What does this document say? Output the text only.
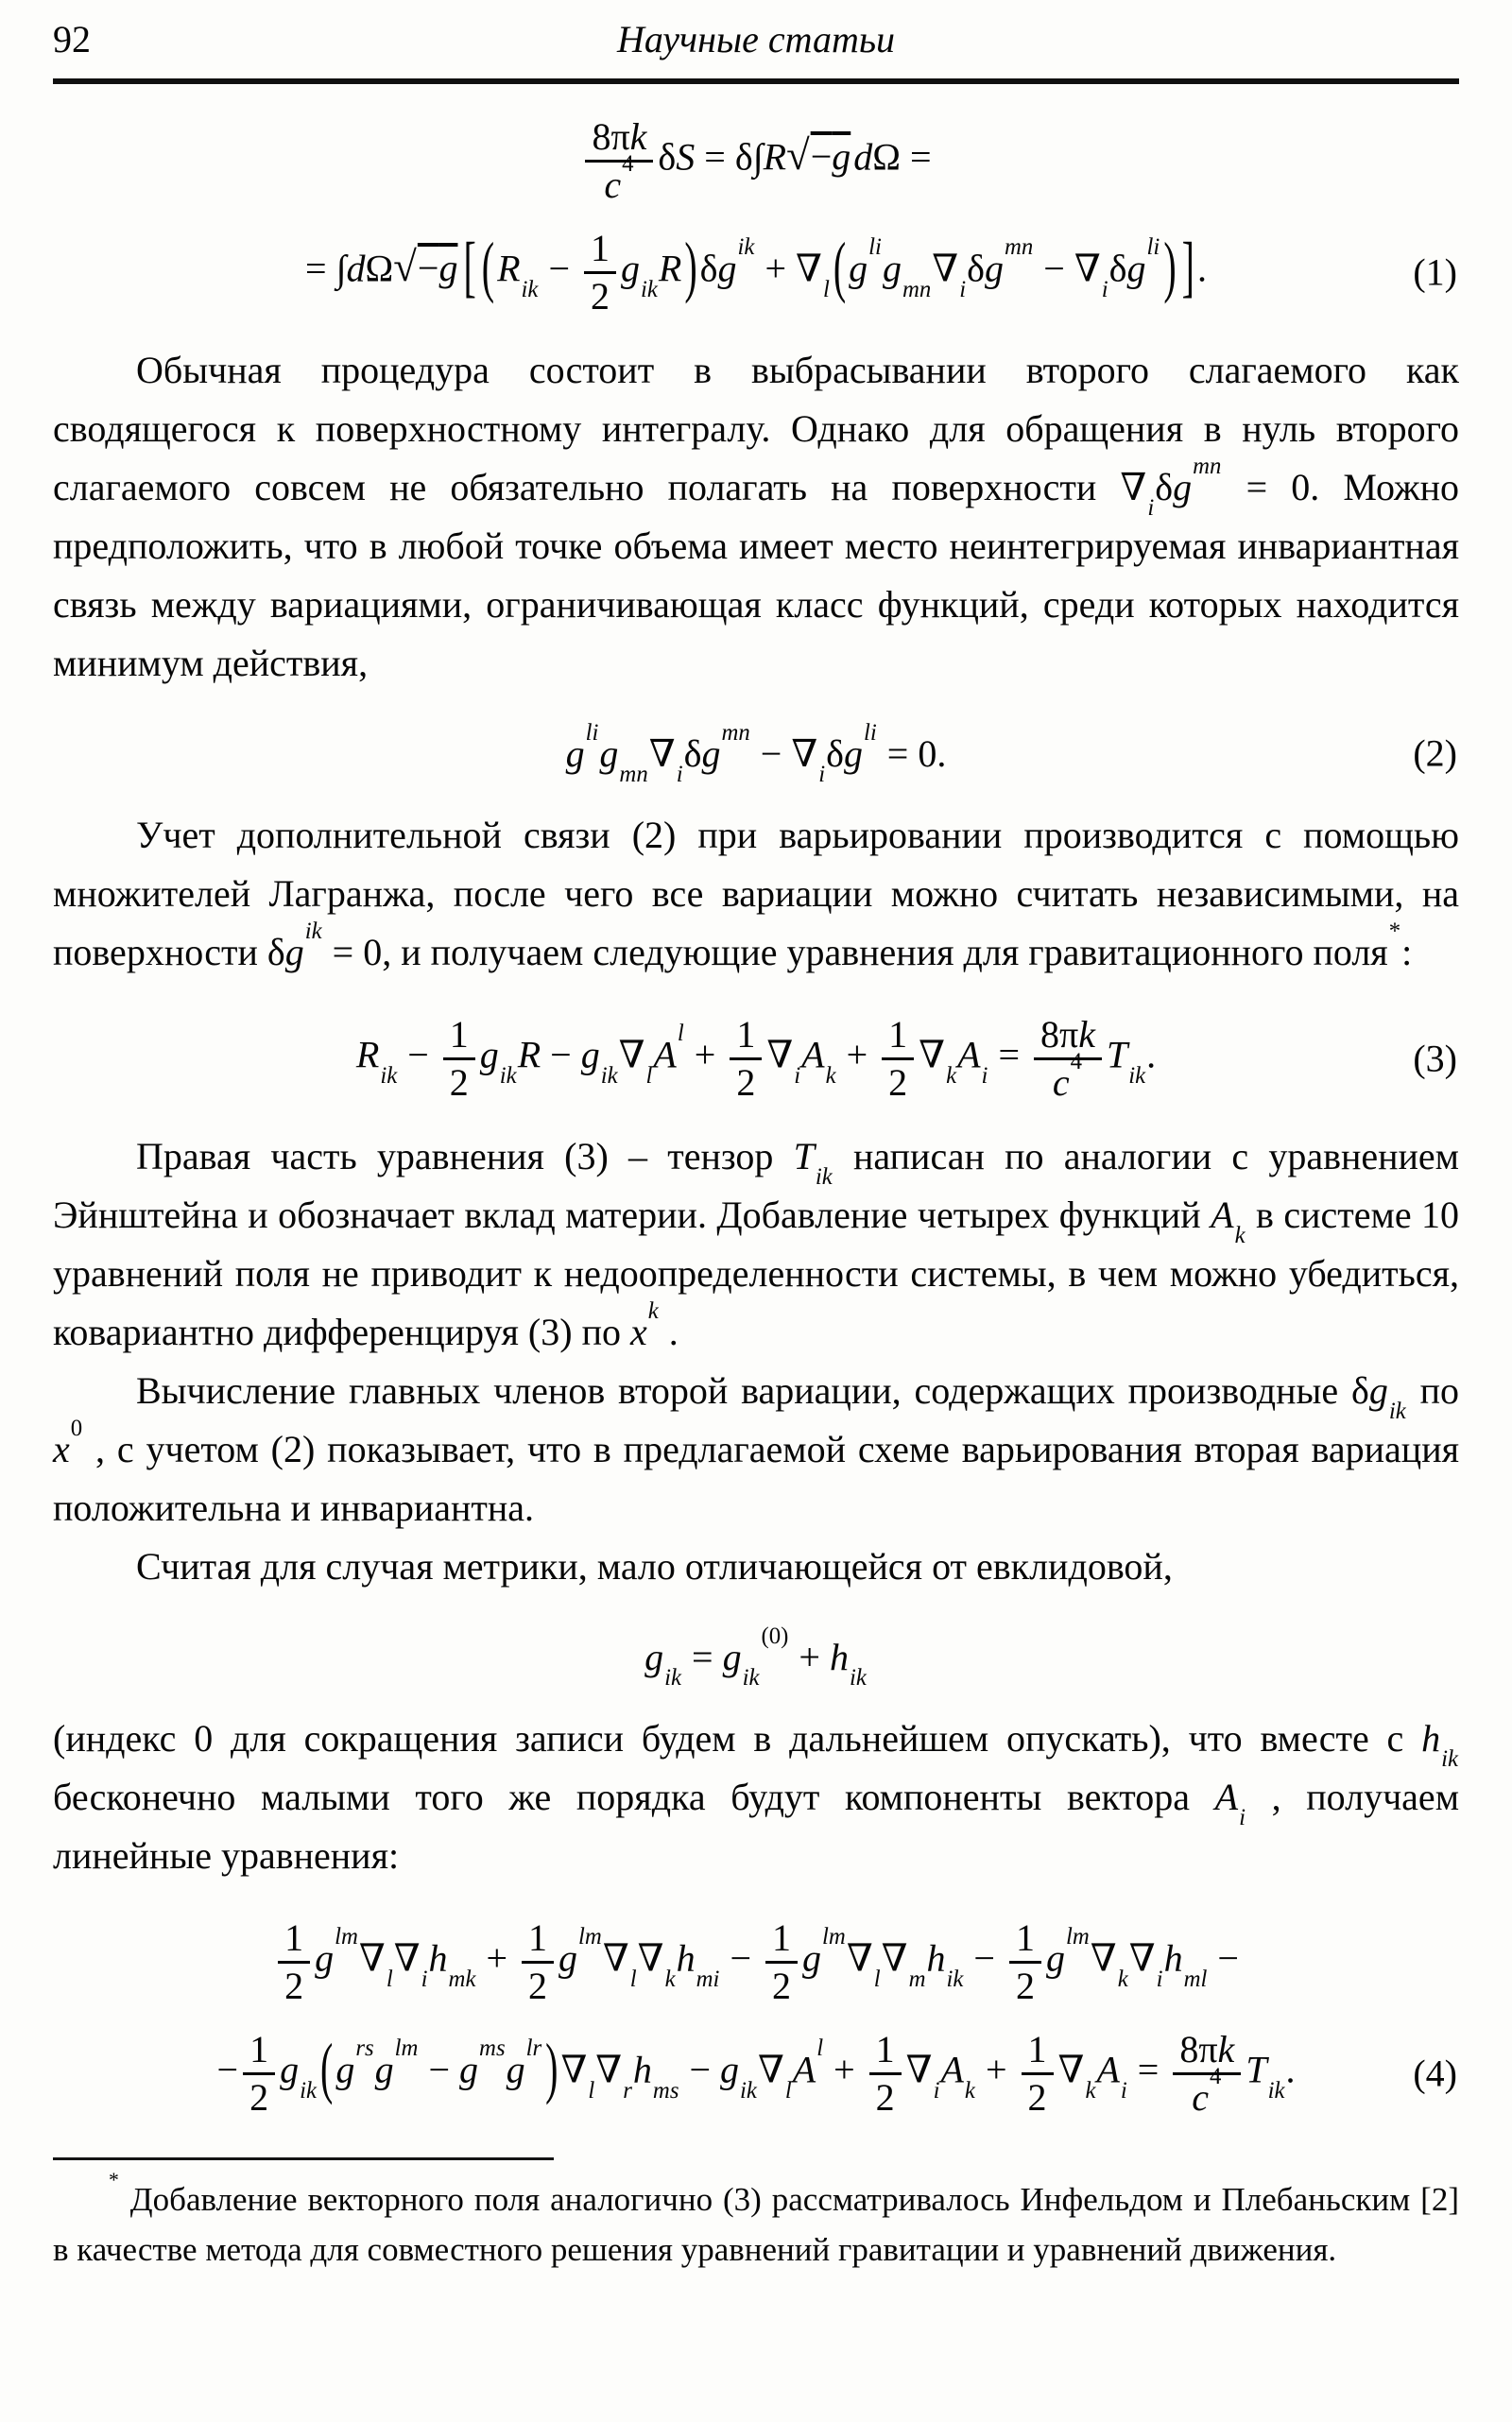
92	Научные статьи
$\frac{8\pi k}{c^4}$ δS = δ∫R√−gdΩ =
= ∫dΩ√−g [ $(R_{ik} - \frac{1}{2} g_{ik}R)\delta g^{ik} + \nabla_l$ ($g^{li}g_{mn}\nabla_i\delta g^{mn} - \nabla_i\delta g^{li}$ ) ].	(1)

Обычная процедура состоит в выбрасывании второго слагаемого как сводящегося к поверхностному интегралу. Однако для обращения в нуль второго слагаемого совсем не обязательно полагать на поверхности $\nabla_i\delta g^{mn} = 0$. Можно предположить, что в любой точке объема имеет место неинтегрируемая инвариантная связь между вариациями, ограничивающая класс функций, среди которых находится минимум действия,

$g^{li}g_{mn}\nabla_i\delta g^{mn} - \nabla_i\delta g^{li} = 0$.	(2)

Учет дополнительной связи (2) при варьировании производится с помощью множителей Лагранжа, после чего все вариации можно считать независимыми, на поверхности $\delta g^{ik} = 0$, и получаем следующие уравнения для гравитационного поля*:

$R_{ik} - \frac{1}{2} g_{ik}R - g_{ik}\nabla_lA^l + \frac{1}{2} \nabla_iA_k + \frac{1}{2} \nabla_kA_i = \frac{8\pi k}{c^4} T_{ik}$.	(3)

Правая часть уравнения (3) – тензор $T_{ik}$ написан по аналогии с уравнением Эйнштейна и обозначает вклад материи. Добавление четырех функций $A_k$ в системе 10 уравнений поля не приводит к недоопределенности системы, в чем можно убедиться, ковариантно дифференцируя (3) по $x^k$ .

Вычисление главных членов второй вариации, содержащих производные $\delta g_{ik}$ по $x^0$ , с учетом (2) показывает, что в предлагаемой схеме варьирования вторая вариация положительна и инвариантна.

Считая для случая метрики, мало отличающейся от евклидовой,

$g_{ik} = g_{ik}^{(0)} + h_{ik}$

(индекс 0 для сокращения записи будем в дальнейшем опускать), что вместе с $h_{ik}$ бесконечно малыми того же порядка будут компоненты вектора $A_i$ , получаем линейные уравнения:

$\frac{1}{2} g^{lm}\nabla_l\nabla_ih_{mk} + \frac{1}{2} g^{lm}\nabla_l\nabla_kh_{mi} - \frac{1}{2} g^{lm}\nabla_l\nabla_mh_{ik} - \frac{1}{2} g^{lm}\nabla_k\nabla_ih_{ml}$ −
− $\frac{1}{2} g_{ik}$ ($g^{rs}g^{lm} - g^{ms}g^{lr}$ )$\nabla_l\nabla_rh_{ms} - g_{ik}\nabla_lA^l + \frac{1}{2} \nabla_iA_k + \frac{1}{2} \nabla_kA_i = \frac{8\pi k}{c^4} T_{ik}$.	(4)

* Добавление векторного поля аналогично (3) рассматривалось Инфельдом и Плебаньским [2] в качестве метода для совместного решения уравнений гравитации и уравнений движения.
